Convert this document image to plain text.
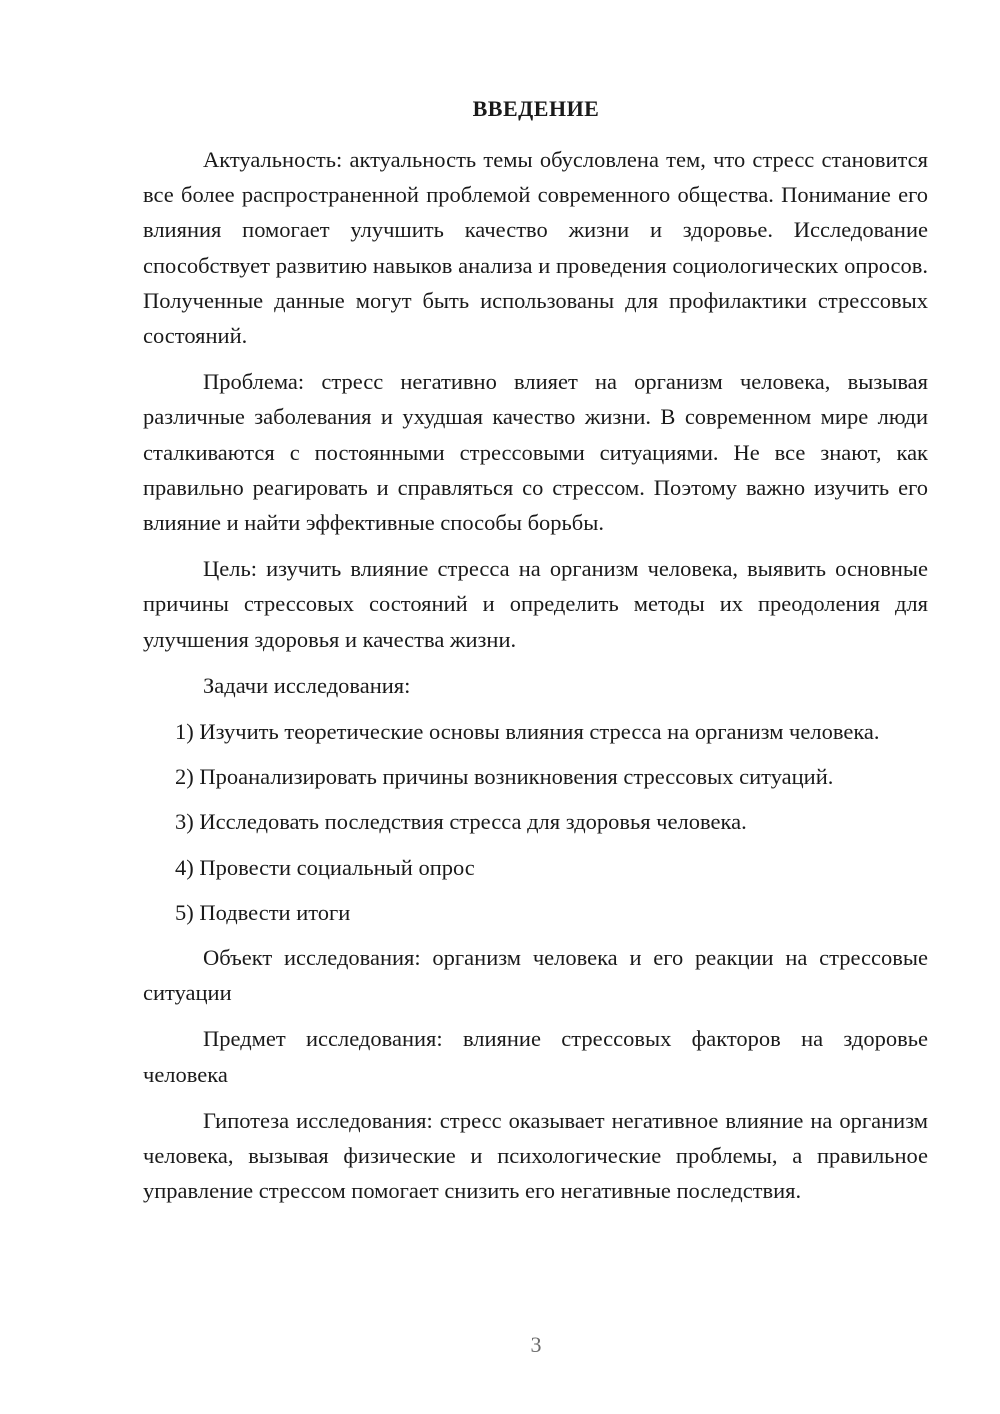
ВВЕДЕНИЕ

Актуальность: актуальность темы обусловлена тем, что стресс становится все более распространенной проблемой современного общества. Понимание его влияния помогает улучшить качество жизни и здоровье. Исследование способствует развитию навыков анализа и проведения социологических опросов. Полученные данные могут быть использованы для профилактики стрессовых состояний.

Проблема: стресс негативно влияет на организм человека, вызывая различные заболевания и ухудшая качество жизни. В современном мире люди сталкиваются с постоянными стрессовыми ситуациями. Не все знают, как правильно реагировать и справляться со стрессом. Поэтому важно изучить его влияние и найти эффективные способы борьбы.

Цель: изучить влияние стресса на организм человека, выявить основные причины стрессовых состояний и определить методы их преодоления для улучшения здоровья и качества жизни.

Задачи исследования:

1) Изучить теоретические основы влияния стресса на организм человека.

2) Проанализировать причины возникновения стрессовых ситуаций.

3) Исследовать последствия стресса для здоровья человека.

4) Провести социальный опрос

5) Подвести итоги

Объект исследования: организм человека и его реакции на стрессовые ситуации

Предмет исследования: влияние стрессовых факторов на здоровье человека

Гипотеза исследования: стресс оказывает негативное влияние на организм человека, вызывая физические и психологические проблемы, а правильное управление стрессом помогает снизить его негативные последствия.

3
